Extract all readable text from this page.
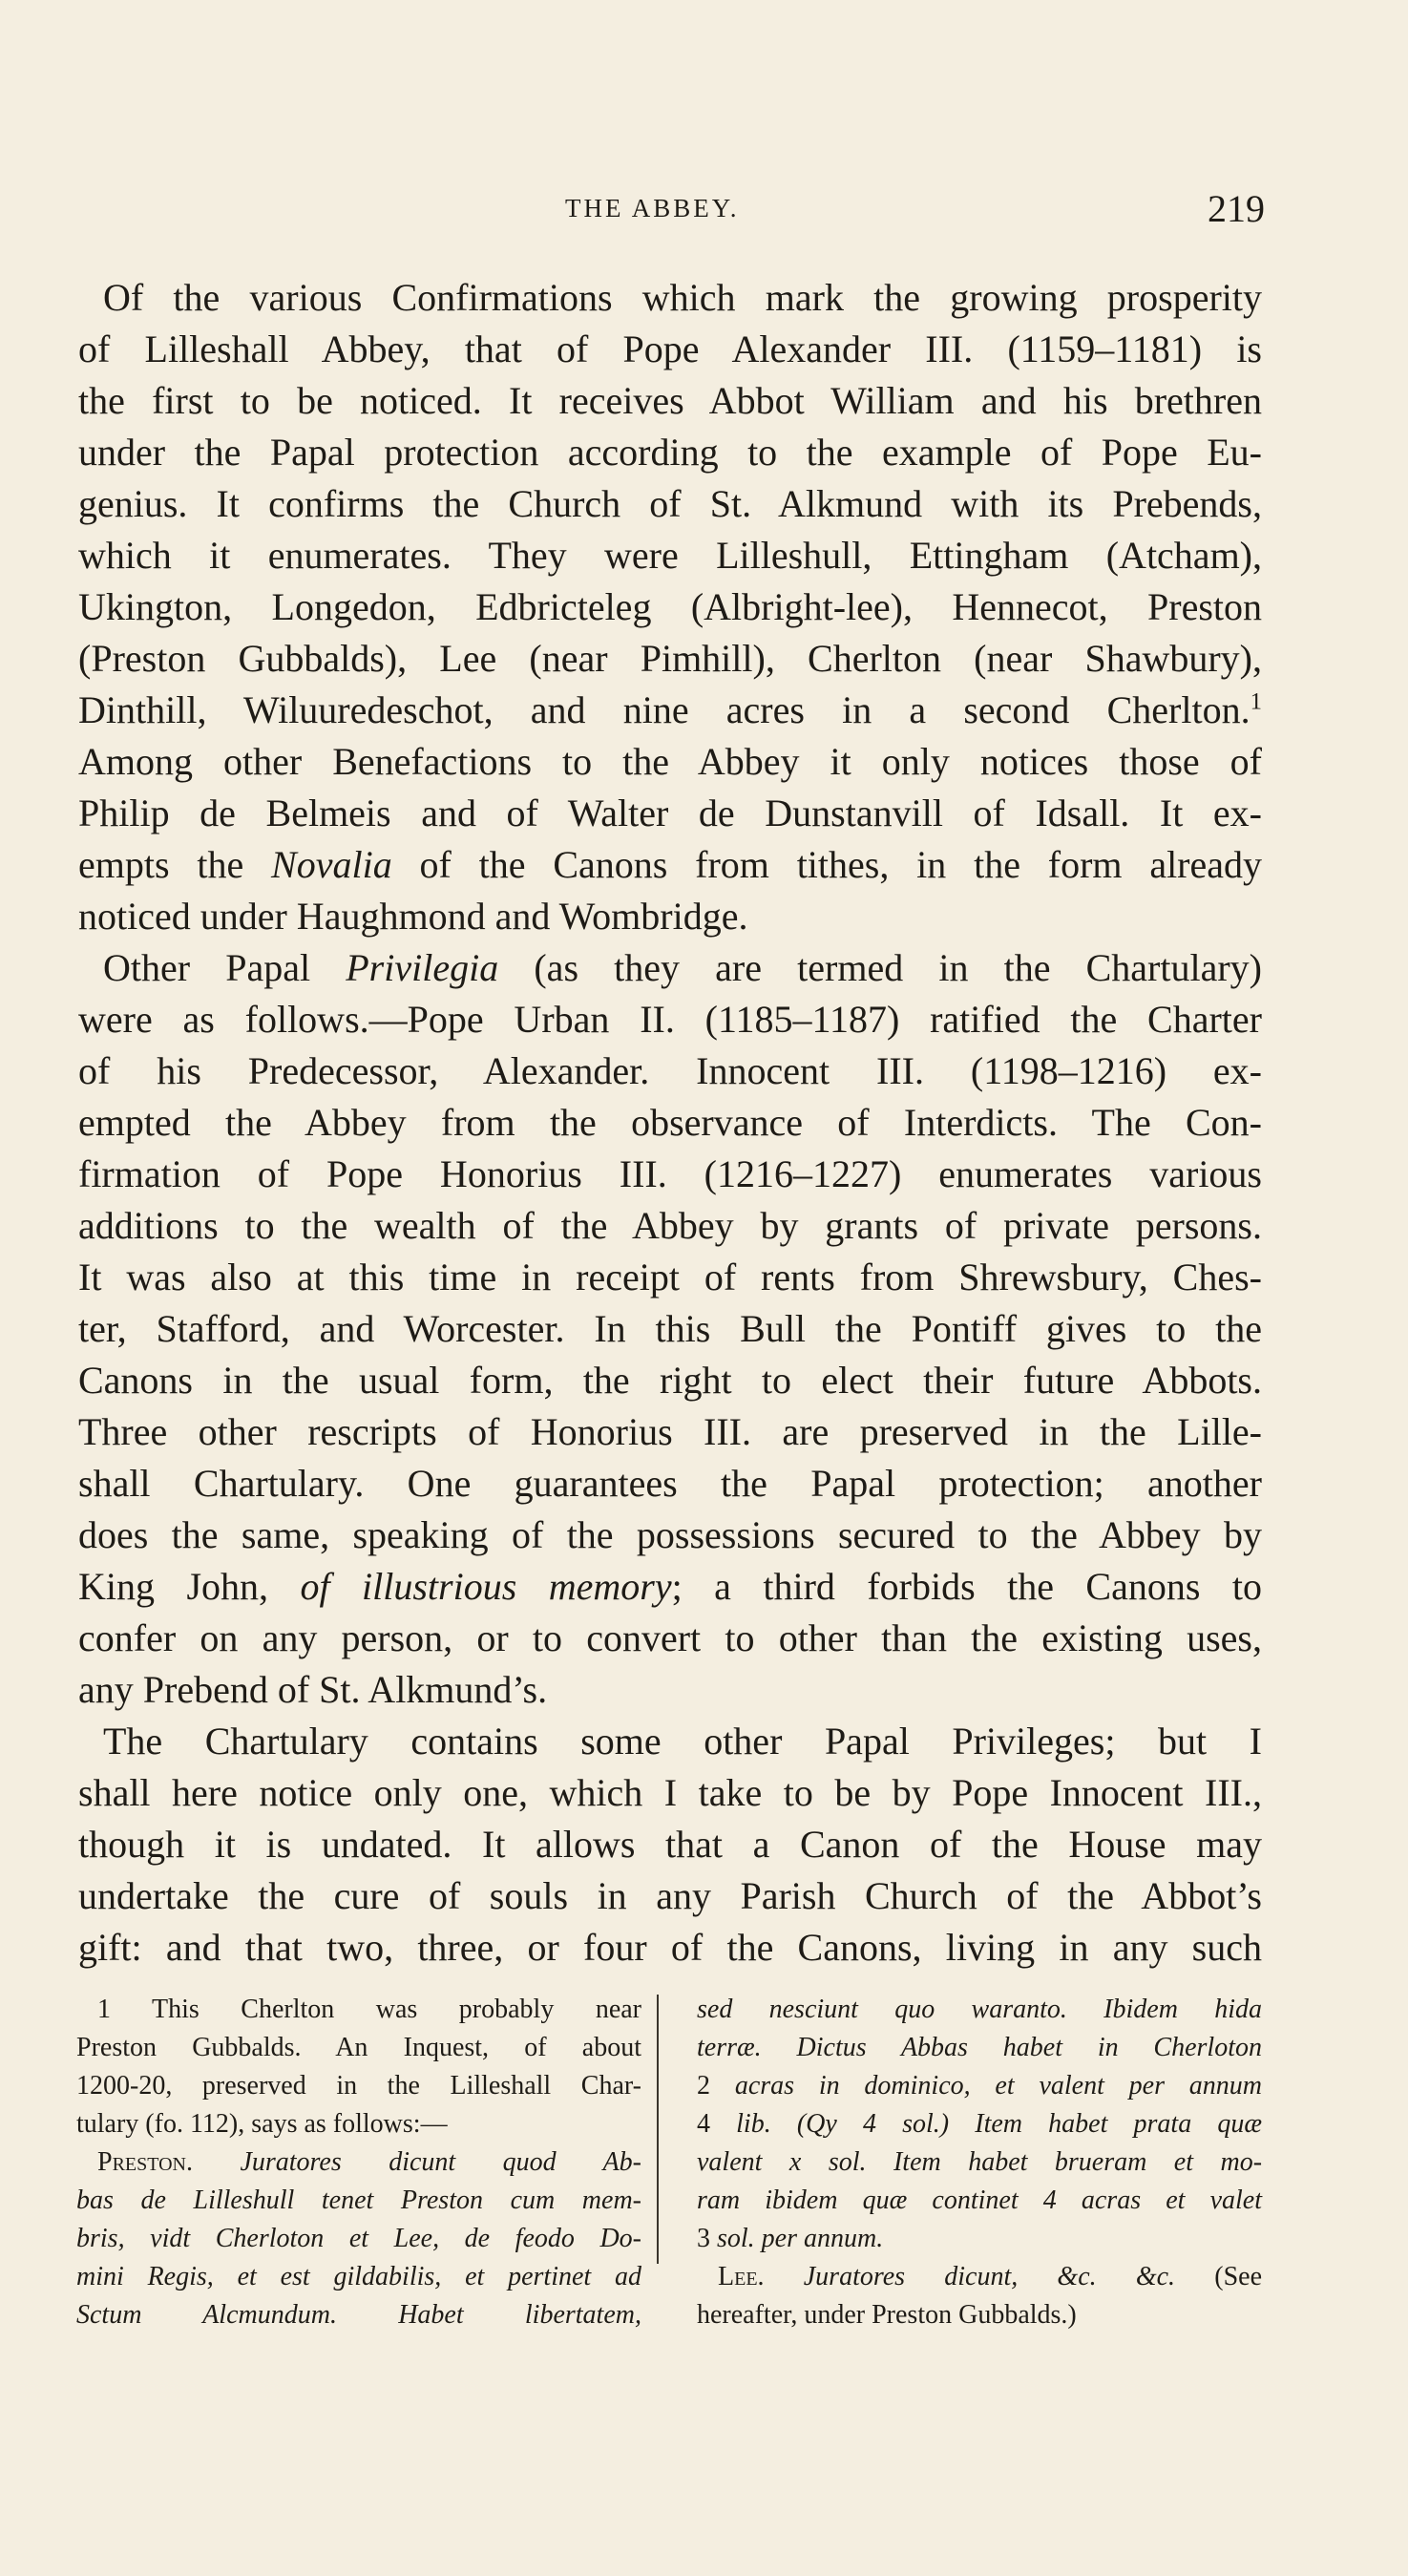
THE ABBEY.	219
Of the various Confirmations which mark the growing prosperity
of Lilleshall Abbey, that of Pope Alexander III. (1159–1181) is
the first to be noticed. It receives Abbot William and his brethren
under the Papal protection according to the example of Pope Eu-
genius. It confirms the Church of St. Alkmund with its Prebends,
which it enumerates. They were Lilleshull, Ettingham (Atcham),
Ukington, Longedon, Edbricteleg (Albright-lee), Hennecot, Preston
(Preston Gubbalds), Lee (near Pimhill), Cherlton (near Shawbury),
Dinthill, Wiluuredeschot, and nine acres in a second Cherlton.$^1$
Among other Benefactions to the Abbey it only notices those of
Philip de Belmeis and of Walter de Dunstanvill of Idsall. It ex-
empts the Novalia of the Canons from tithes, in the form already
noticed under Haughmond and Wombridge.
Other Papal Privilegia (as they are termed in the Chartulary)
were as follows.—Pope Urban II. (1185–1187) ratified the Charter
of his Predecessor, Alexander. Innocent III. (1198–1216) ex-
empted the Abbey from the observance of Interdicts. The Con-
firmation of Pope Honorius III. (1216–1227) enumerates various
additions to the wealth of the Abbey by grants of private persons.
It was also at this time in receipt of rents from Shrewsbury, Ches-
ter, Stafford, and Worcester. In this Bull the Pontiff gives to the
Canons in the usual form, the right to elect their future Abbots.
Three other rescripts of Honorius III. are preserved in the Lille-
shall Chartulary. One guarantees the Papal protection; another
does the same, speaking of the possessions secured to the Abbey by
King John, of illustrious memory; a third forbids the Canons to
confer on any person, or to convert to other than the existing uses,
any Prebend of St. Alkmund’s.
The Chartulary contains some other Papal Privileges; but I
shall here notice only one, which I take to be by Pope Innocent III.,
though it is undated. It allows that a Canon of the House may
undertake the cure of souls in any Parish Church of the Abbot’s
gift: and that two, three, or four of the Canons, living in any such
1 This Cherlton was probably near
Preston Gubbalds. An Inquest, of about
1200-20, preserved in the Lilleshall Char-
tulary (fo. 112), says as follows:—
Preston. Juratores dicunt quod Ab-
bas de Lilleshull tenet Preston cum mem-
bris, vidt Cherloton et Lee, de feodo Do-
mini Regis, et est gildabilis, et pertinet ad
Sctum Alcmundum. Habet libertatem,
sed nesciunt quo waranto. Ibidem hida
terræ. Dictus Abbas habet in Cherloton
2 acras in dominico, et valent per annum
4 lib. (Qy 4 sol.) Item habet prata quæ
valent x sol. Item habet brueram et mo-
ram ibidem quæ continet 4 acras et valet
3 sol. per annum.
Lee. Juratores dicunt, &c. &c. (See
hereafter, under Preston Gubbalds.)
